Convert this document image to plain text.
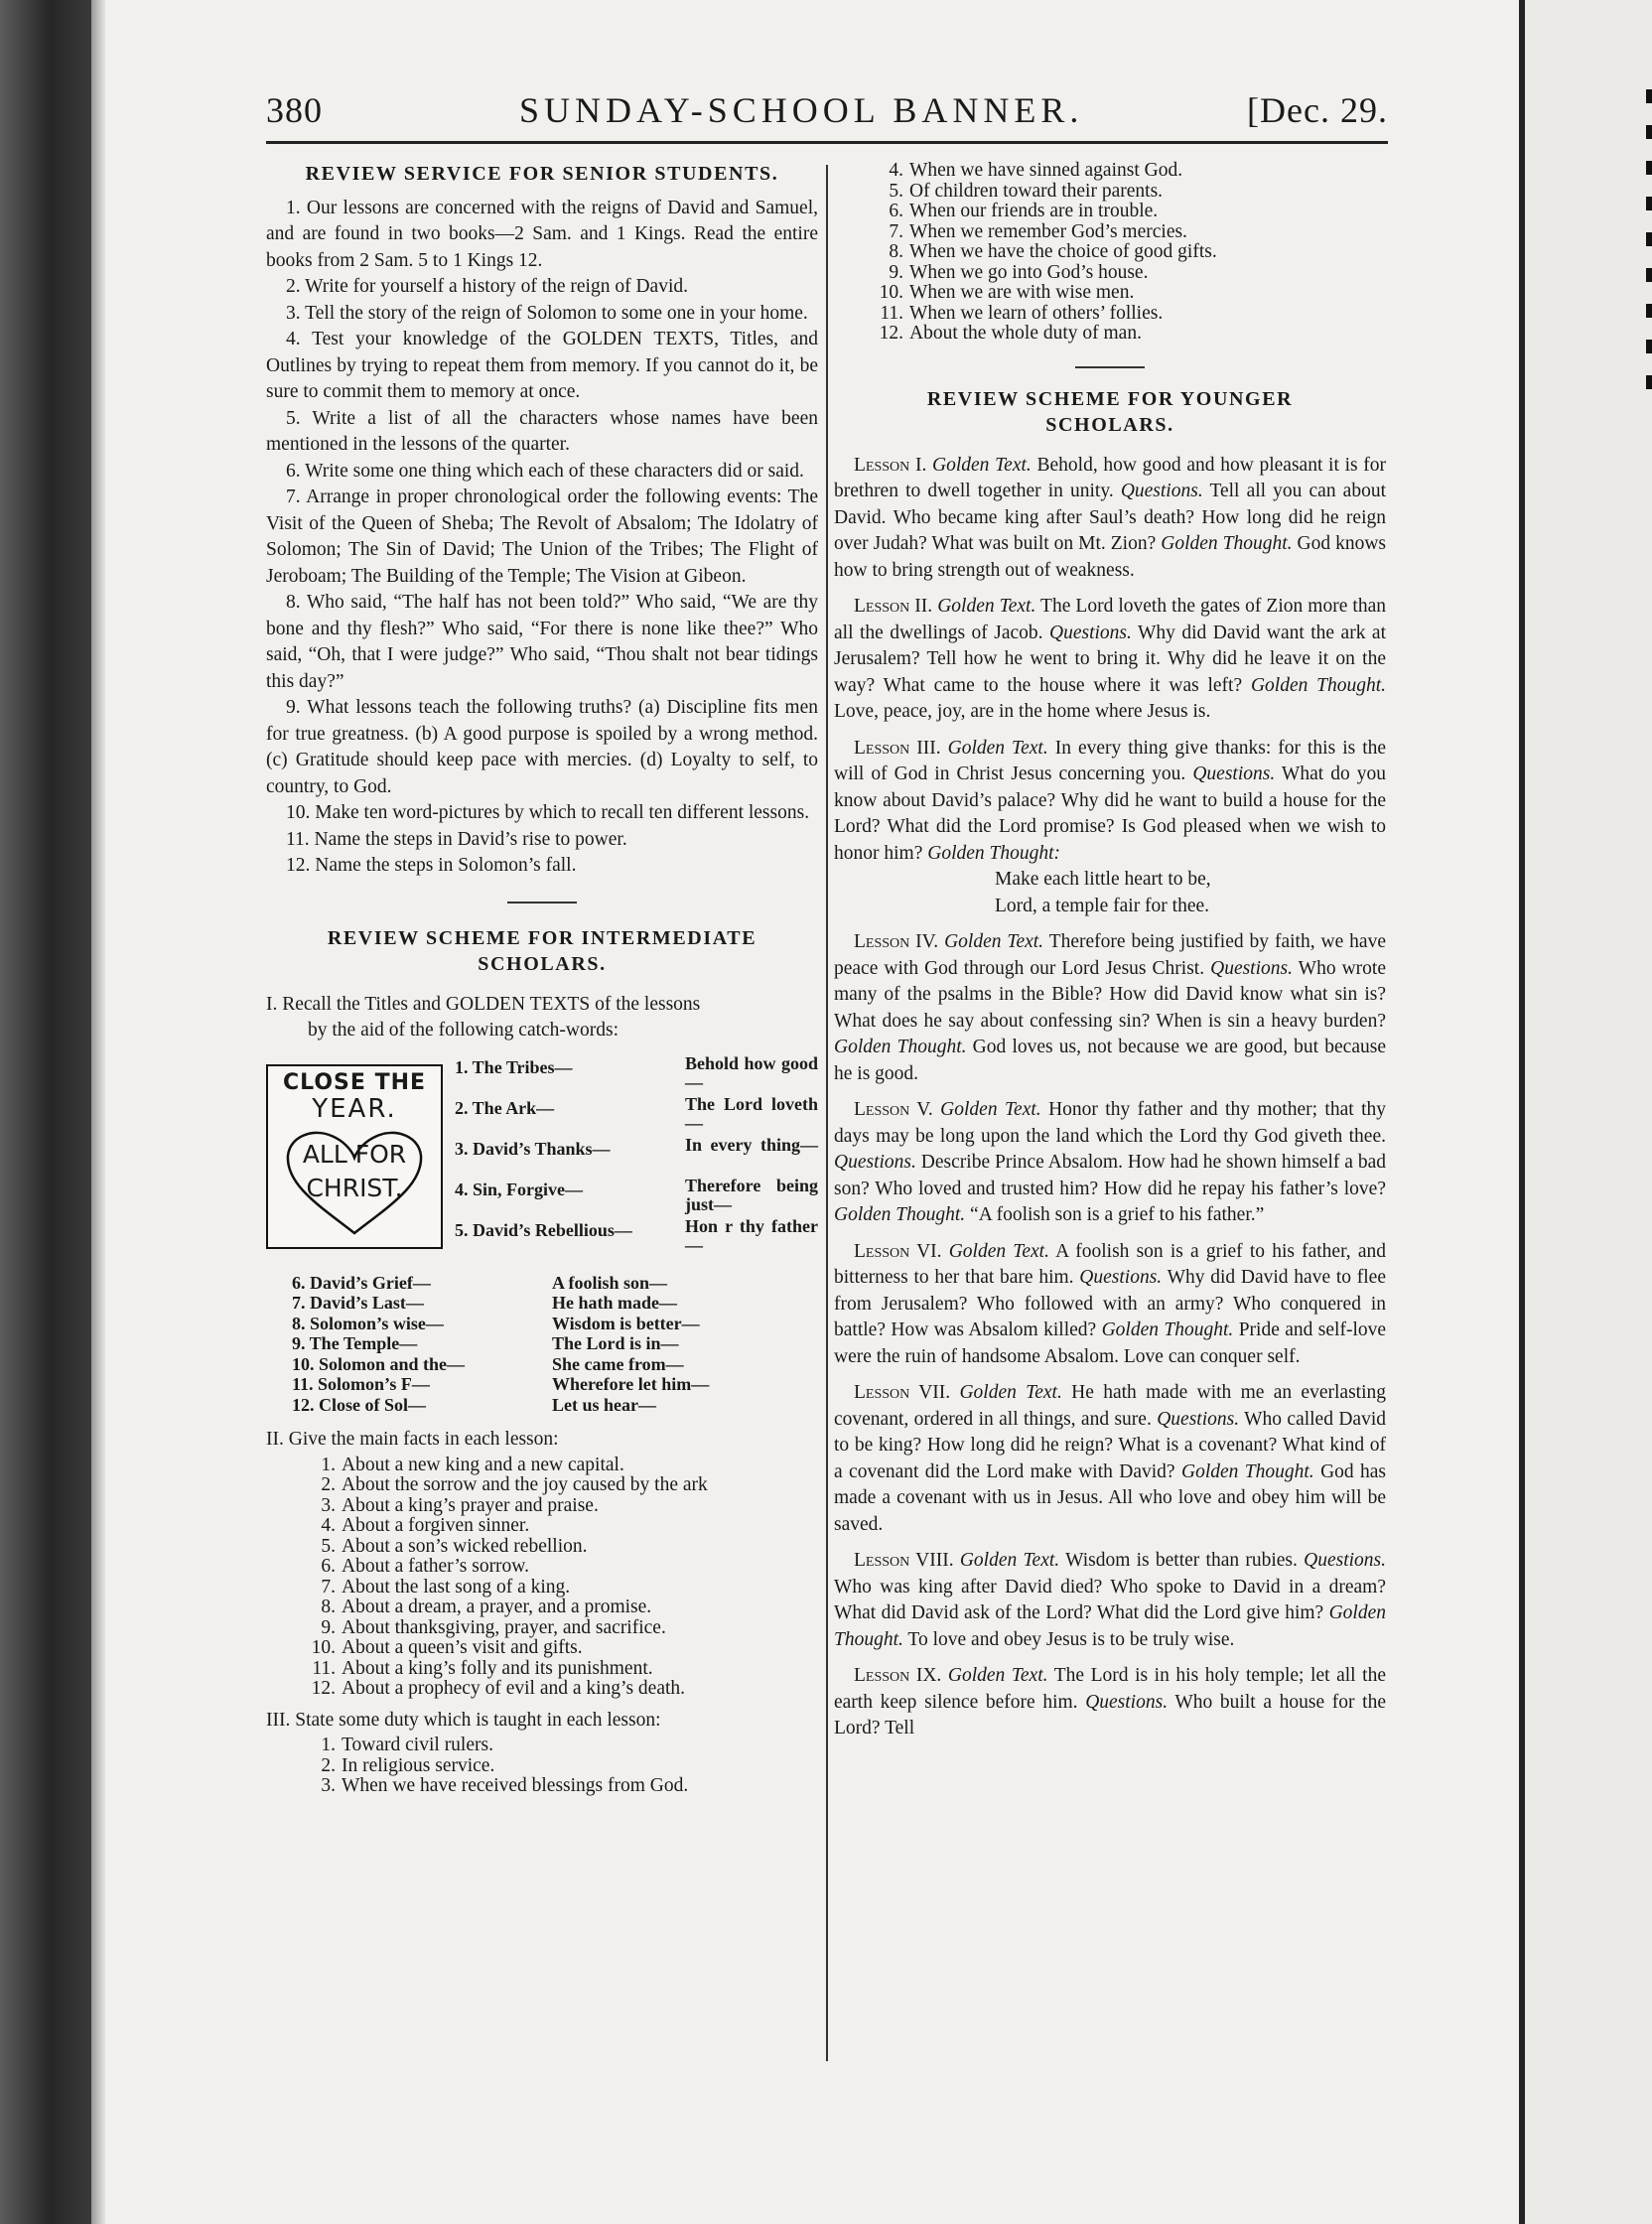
380	SUNDAY-SCHOOL BANNER.	[Dec. 29.
REVIEW SERVICE FOR SENIOR STUDENTS.

1. Our lessons are concerned with the reigns of David and Samuel, and are found in two books—2 Sam. and 1 Kings. Read the entire books from 2 Sam. 5 to 1 Kings 12.

2. Write for yourself a history of the reign of David.

3. Tell the story of the reign of Solomon to some one in your home.

4. Test your knowledge of the GOLDEN TEXTS, Titles, and Outlines by trying to repeat them from memory. If you cannot do it, be sure to commit them to memory at once.

5. Write a list of all the characters whose names have been mentioned in the lessons of the quarter.

6. Write some one thing which each of these characters did or said.

7. Arrange in proper chronological order the following events: The Visit of the Queen of Sheba; The Revolt of Absalom; The Idolatry of Solomon; The Sin of David; The Union of the Tribes; The Flight of Jeroboam; The Building of the Temple; The Vision at Gibeon.

8. Who said, “The half has not been told?” Who said, “We are thy bone and thy flesh?” Who said, “For there is none like thee?” Who said, “Oh, that I were judge?” Who said, “Thou shalt not bear tidings this day?”

9. What lessons teach the following truths? (a) Discipline fits men for true greatness. (b) A good purpose is spoiled by a wrong method. (c) Gratitude should keep pace with mercies. (d) Loyalty to self, to country, to God.

10. Make ten word-pictures by which to recall ten different lessons.

11. Name the steps in David’s rise to power.

12. Name the steps in Solomon’s fall.

REVIEW SCHEME FOR INTERMEDIATE
SCHOLARS.
I. Recall the Titles and GOLDEN TEXTS of the lessons
by the aid of the following catch-words:
CLOSE THE
YEAR.
ALL FOR
CHRIST.
1. The Tribes—	Behold how good—
2. The Ark—	The Lord loveth—
3. David’s Thanks—	In every thing—
4. Sin, Forgive—	Therefore being just—
5. David’s Rebellious—	Hon r thy father—
6. David’s Grief—	A foolish son—
7. David’s Last—	He hath made—
8. Solomon’s wise—	Wisdom is better—
9. The Temple—	The Lord is in—
10. Solomon and the—	She came from—
11. Solomon’s F—	Wherefore let him—
12. Close of Sol—	Let us hear—
II. Give the main facts in each lesson:
1. About a new king and a new capital.
2. About the sorrow and the joy caused by the ark
3. About a king’s prayer and praise.
4. About a forgiven sinner.
5. About a son’s wicked rebellion.
6. About a father’s sorrow.
7. About the last song of a king.
8. About a dream, a prayer, and a promise.
9. About thanksgiving, prayer, and sacrifice.
10. About a queen’s visit and gifts.
11. About a king’s folly and its punishment.
12. About a prophecy of evil and a king’s death.
III. State some duty which is taught in each lesson:
1. Toward civil rulers.
2. In religious service.
3. When we have received blessings from God.
4. When we have sinned against God.
5. Of children toward their parents.
6. When our friends are in trouble.
7. When we remember God’s mercies.
8. When we have the choice of good gifts.
9. When we go into God’s house.
10. When we are with wise men.
11. When we learn of others’ follies.
12. About the whole duty of man.
REVIEW SCHEME FOR YOUNGER
SCHOLARS.

Lesson I. Golden Text. Behold, how good and how pleasant it is for brethren to dwell together in unity. Questions. Tell all you can about David. Who became king after Saul’s death? How long did he reign over Judah? What was built on Mt. Zion? Golden Thought. God knows how to bring strength out of weakness.

Lesson II. Golden Text. The Lord loveth the gates of Zion more than all the dwellings of Jacob. Questions. Why did David want the ark at Jerusalem? Tell how he went to bring it. Why did he leave it on the way? What came to the house where it was left? Golden Thought. Love, peace, joy, are in the home where Jesus is.

Lesson III. Golden Text. In every thing give thanks: for this is the will of God in Christ Jesus concerning you. Questions. What do you know about David’s palace? Why did he want to build a house for the Lord? What did the Lord promise? Is God pleased when we wish to honor him? Golden Thought:
Make each little heart to be,
Lord, a temple fair for thee.

Lesson IV. Golden Text. Therefore being justified by faith, we have peace with God through our Lord Jesus Christ. Questions. Who wrote many of the psalms in the Bible? How did David know what sin is? What does he say about confessing sin? When is sin a heavy burden? Golden Thought. God loves us, not because we are good, but because he is good.

Lesson V. Golden Text. Honor thy father and thy mother; that thy days may be long upon the land which the Lord thy God giveth thee. Questions. Describe Prince Absalom. How had he shown himself a bad son? Who loved and trusted him? How did he repay his father’s love? Golden Thought. “A foolish son is a grief to his father.”

Lesson VI. Golden Text. A foolish son is a grief to his father, and bitterness to her that bare him. Questions. Why did David have to flee from Jerusalem? Who followed with an army? Who conquered in battle? How was Absalom killed? Golden Thought. Pride and self-love were the ruin of handsome Absalom. Love can conquer self.

Lesson VII. Golden Text. He hath made with me an everlasting covenant, ordered in all things, and sure. Questions. Who called David to be king? How long did he reign? What is a covenant? What kind of a covenant did the Lord make with David? Golden Thought. God has made a covenant with us in Jesus. All who love and obey him will be saved.

Lesson VIII. Golden Text. Wisdom is better than rubies. Questions. Who was king after David died? Who spoke to David in a dream? What did David ask of the Lord? What did the Lord give him? Golden Thought. To love and obey Jesus is to be truly wise.

Lesson IX. Golden Text. The Lord is in his holy temple; let all the earth keep silence before him. Questions. Who built a house for the Lord? Tell
